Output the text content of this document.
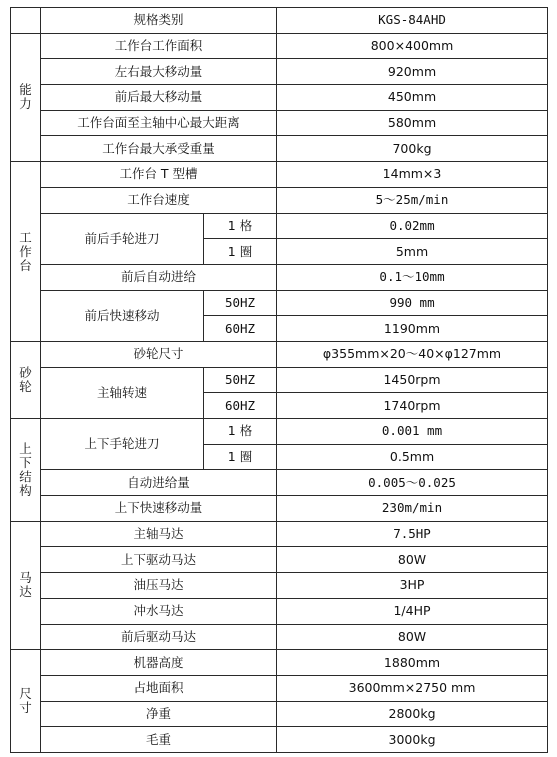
	规格类别		KGS-84AHD
能力	工作台工作面积		800×400mm
	左右最大移动量		920mm
	前后最大移动量		450mm
	工作台面至主轴中心最大距离		580mm
	工作台最大承受重量		700kg
工作台	工作台 T 型槽		14mm×3
	工作台速度		5～25m/min
	前后手轮进刀	1 格	0.02mm
		1 圈	5mm
	前后自动进给		0.1～10mm
	前后快速移动	50HZ	990 mm
		60HZ	1190mm
砂轮	砂轮尺寸		φ355mm×20～40×φ127mm
	主轴转速	50HZ	1450rpm
		60HZ	1740rpm
上下结构	上下手轮进刀	1 格	0.001 mm
		1 圈	0.5mm
	自动进给量		0.005～0.025
	上下快速移动量		230m/min
马达	主轴马达		7.5HP
	上下驱动马达		80W
	油压马达		3HP
	冲水马达		1/4HP
	前后驱动马达		80W
尺寸	机器高度		1880mm
	占地面积		3600mm×2750 mm
	净重		2800kg
	毛重		3000kg
